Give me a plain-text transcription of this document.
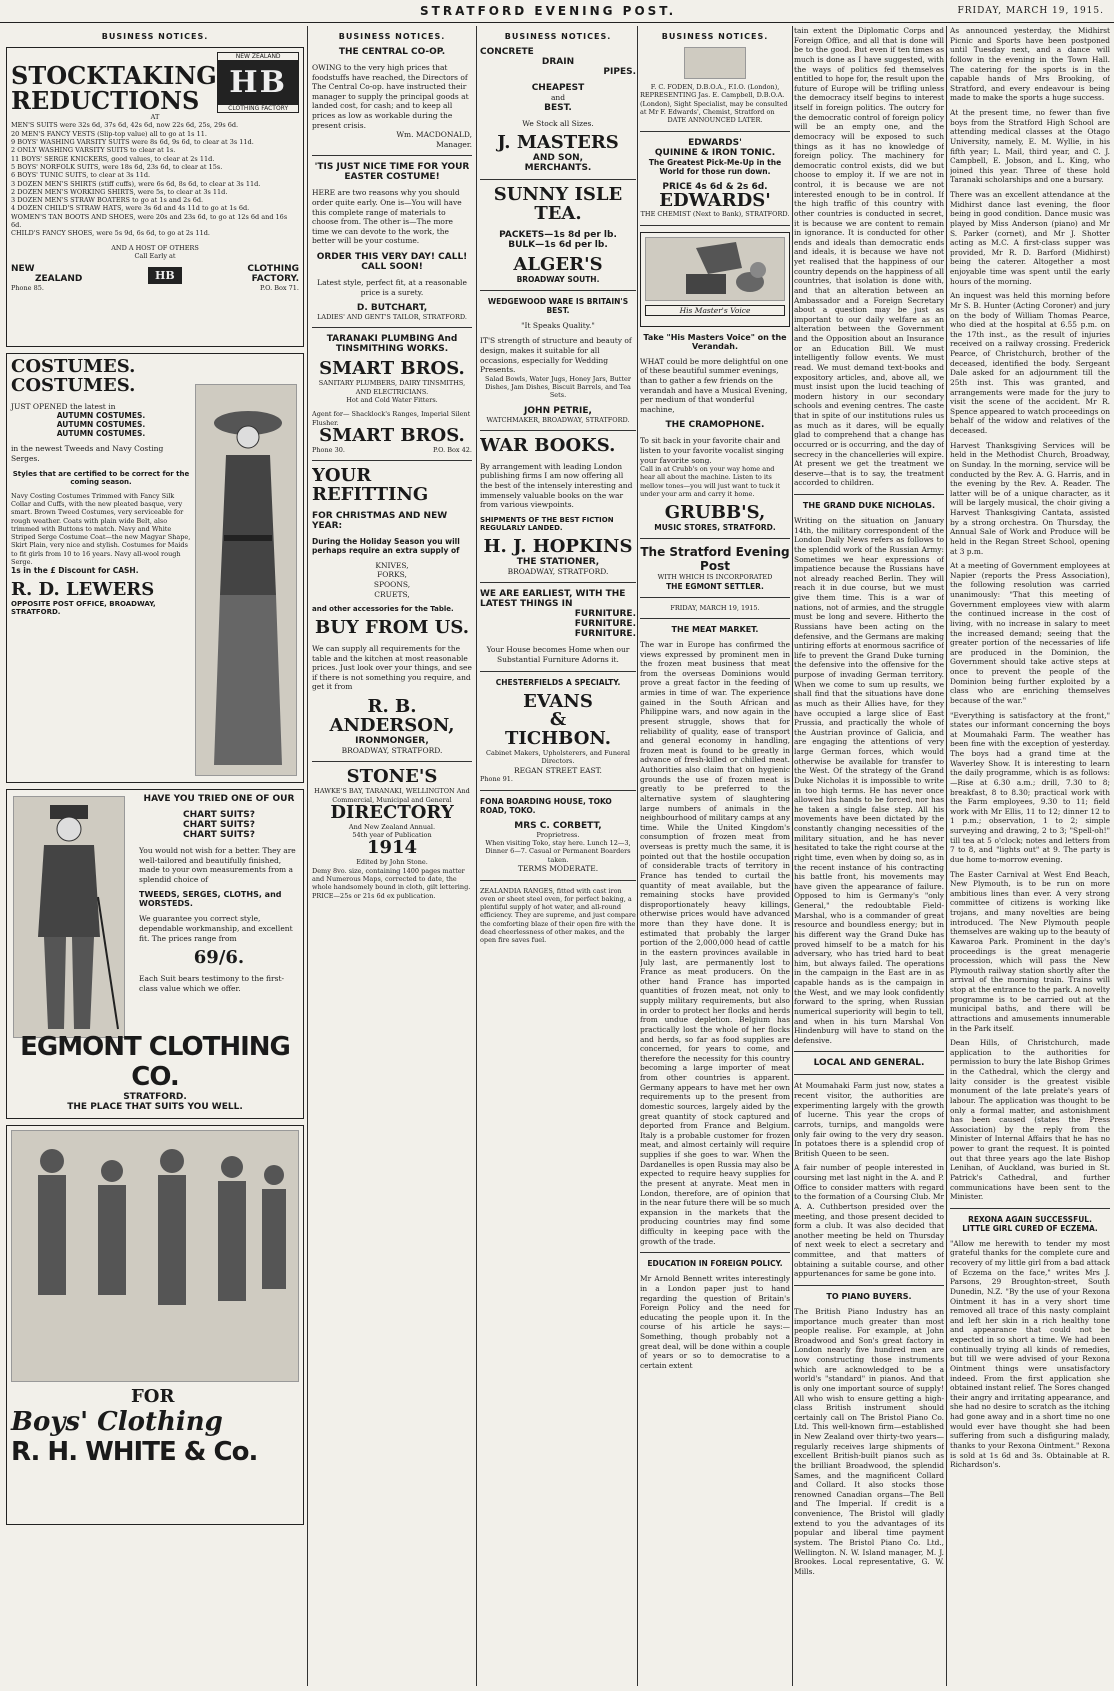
STRATFORD EVENING POST.	FRIDAY, MARCH 19, 1915.
BUSINESS NOTICES.
STOCKTAKING REDUCTIONS
NEW ZEALAND
HB
CLOTHING FACTORY
AT
MEN'S SUITS were 32s 6d, 37s 6d, 42s 6d, now 22s 6d, 25s, 29s 6d.
20 MEN'S FANCY VESTS (Slip-top value) all to go at 1s 11.
9 BOYS' WASHING VARSITY SUITS were 8s 6d, 9s 6d, to clear at 3s 11d.
2 ONLY WASHING VARSITY SUITS to clear at 1s.
11 BOYS' SERGE KNICKERS, good values, to clear at 2s 11d.
5 BOYS' NORFOLK SUITS, were 18s 6d, 23s 6d, to clear at 15s.
6 BOYS' TUNIC SUITS, to clear at 3s 11d.
3 DOZEN MEN'S SHIRTS (stiff cuffs), were 6s 6d, 8s 6d, to clear at 3s 11d.
2 DOZEN MEN'S WORKING SHIRTS, were 5s, to clear at 3s 11d.
3 DOZEN MEN'S STRAW BOATERS to go at 1s and 2s 6d.
4 DOZEN CHILD'S STRAW HATS, were 3s 6d and 4s 11d to go at 1s 6d.
WOMEN'S TAN BOOTS AND SHOES, were 20s and 23s 6d, to go at 12s 6d and 16s 6d.
CHILD'S FANCY SHOES, were 5s 9d, 6s 6d, to go at 2s 11d.
AND A HOST OF OTHERS
Call Early at
NEW
ZEALAND	HB	CLOTHING
FACTORY.
Phone 85.	P.O. Box 71.
COSTUMES. COSTUMES.
JUST OPENED the latest in
AUTUMN COSTUMES.
AUTUMN COSTUMES.
AUTUMN COSTUMES.
in the newest Tweeds and Navy Costing Serges.
Styles that are certified to be correct for the coming season.
Navy Costing Costumes Trimmed with Fancy Silk Collar and Cuffs, with the new pleated basque, very smart. Brown Tweed Costumes, very serviceable for rough weather. Coats with plain wide Belt, also trimmed with Buttons to match. Navy and White Striped Serge Costume Coat—the new Magyar Shape, Skirt Plain, very nice and stylish. Costumes for Maids to fit girls from 10 to 16 years. Navy all-wool rough Serge.
1s in the £ Discount for CASH.
R. D. LEWERS
OPPOSITE POST OFFICE, BROADWAY, STRATFORD.
HAVE YOU TRIED ONE OF OUR
CHART SUITS?
CHART SUITS?
CHART SUITS?
You would not wish for a better. They are well-tailored and beautifully finished, made to your own measurements from a splendid choice of
TWEEDS, SERGES, CLOTHS, and WORSTEDS.
We guarantee you correct style, dependable workmanship, and excellent fit. The prices range from
69/6.
Each Suit bears testimony to the first-class value which we offer.
EGMONT CLOTHING CO.
STRATFORD.
THE PLACE THAT SUITS YOU WELL.
FOR
Boys' Clothing
R. H. WHITE & Co.
BUSINESS NOTICES.
THE CENTRAL CO-OP.
OWING to the very high prices that foodstuffs have reached, the Directors of The Central Co-op. have instructed their manager to supply the principal goods at landed cost, for cash; and to keep all prices as low as workable during the present crisis.
Wm. MACDONALD,
Manager.
'TIS JUST NICE TIME FOR YOUR EASTER COSTUME!
HERE are two reasons why you should order quite early. One is—You will have this complete range of materials to choose from. The other is—The more time we can devote to the work, the better will be your costume.
ORDER THIS VERY DAY! CALL! CALL SOON!
Latest style, perfect fit, at a reasonable price is a surety.
D. BUTCHART,
LADIES' AND GENT'S TAILOR, STRATFORD.
TARANAKI PLUMBING And TINSMITHING WORKS.
SMART BROS.
SANITARY PLUMBERS, DAIRY TINSMITHS, AND ELECTRICIANS.
Hot and Cold Water Fitters.
Agent for— Shacklock's Ranges, Imperial Silent Flusher.
SMART BROS.
Phone 30.	P.O. Box 42.
YOUR REFITTING
FOR CHRISTMAS AND NEW YEAR:
During the Holiday Season you will perhaps require an extra supply of
KNIVES,
FORKS,
SPOONS,
CRUETS,
and other accessories for the Table.
BUY FROM US.
We can supply all requirements for the table and the kitchen at most reasonable prices. Just look over your things, and see if there is not something you require, and get it from
R. B. ANDERSON,
IRONMONGER,
BROADWAY, STRATFORD.
STONE'S
HAWKE'S BAY, TARANAKI, WELLINGTON And Commercial, Municipal and General
DIRECTORY
And New Zealand Annual.
54th year of Publication
1914
Edited by John Stone.
Demy 8vo. size, containing 1400 pages matter and Numerous Maps, corrected to date, the whole handsomely bound in cloth, gilt lettering.
PRICE—25s or 21s 6d ex publication.
BUSINESS NOTICES.
CONCRETE
DRAIN
PIPES.
CHEAPEST
and
BEST.
We Stock all Sizes.
J. MASTERS
AND SON,
MERCHANTS.
SUNNY ISLE TEA.
PACKETS—1s 8d per lb.
BULK—1s 6d per lb.
ALGER'S
BROADWAY SOUTH.
WEDGEWOOD WARE IS BRITAIN'S BEST.
"It Speaks Quality."
IT'S strength of structure and beauty of design, makes it suitable for all occasions, especially for Wedding Presents.
Salad Bowls, Water Jugs, Honey Jars, Butter Dishes, Jam Dishes, Biscuit Barrels, and Tea Sets.
JOHN PETRIE,
WATCHMAKER, BROADWAY, STRATFORD.
WAR BOOKS.
By arrangement with leading London publishing firms I am now offering all the best of the intensely interesting and immensely valuable books on the war from various viewpoints.
SHIPMENTS OF THE BEST FICTION REGULARLY LANDED.
H. J. HOPKINS
THE STATIONER,
BROADWAY, STRATFORD.
WE ARE EARLIEST, WITH THE LATEST THINGS IN
FURNITURE.
FURNITURE.
FURNITURE.
Your House becomes Home when our Substantial Furniture Adorns it.
CHESTERFIELDS A SPECIALTY.
EVANS
&
TICHBON.
Cabinet Makers, Upholsterers, and Funeral Directors.
REGAN STREET EAST.
Phone 91.
FONA BOARDING HOUSE, TOKO ROAD, TOKO.
MRS C. CORBETT,
Proprietress.
When visiting Toko, stay here. Lunch 12—3, Dinner 6—7. Casual or Permanent Boarders taken.
TERMS MODERATE.
ZEALANDIA RANGES, fitted with cast iron oven or sheet steel oven, for perfect baking, a plentiful supply of hot water, and all-round efficiency. They are supreme, and just compare the comforting blaze of their open fire with the dead cheerlessness of other makes, and the open fire saves fuel.
BUSINESS NOTICES.
F. C. FODEN, D.B.O.A., F.I.O. (London),
REPRESENTING Jas. E. Campbell, D.B.O.A. (London), Sight Specialist, may be consulted at Mr F. Edwards', Chemist, Stratford on
DATE ANNOUNCED LATER.
EDWARDS'
QUININE & IRON TONIC.
The Greatest Pick-Me-Up in the World for those run down.
PRICE 4s 6d & 2s 6d.
EDWARDS'
THE CHEMIST (Next to Bank), STRATFORD.
His Master's Voice
Take "His Masters Voice" on the Verandah.
WHAT could be more delightful on one of these beautiful summer evenings, than to gather a few friends on the verandah and have a Musical Evening, per medium of that wonderful machine,
THE CRAMOPHONE.
To sit back in your favorite chair and listen to your favorite vocalist singing your favorite song.
Call in at Crubb's on your way home and hear all about the machine. Listen to its mellow tones—you will just want to tuck it under your arm and carry it home.
GRUBB'S,
MUSIC STORES, STRATFORD.
The Stratford Evening Post
WITH WHICH IS INCORPORATED
THE EGMONT SETTLER.
FRIDAY, MARCH 19, 1915.
THE MEAT MARKET.
The war in Europe has confirmed the views expressed by prominent men in the frozen meat business that meat from the overseas Dominions would prove a great factor in the feeding of armies in time of war. The experience gained in the South African and Philippine wars, and now again in the present struggle, shows that for reliability of quality, ease of transport and general economy in handling, frozen meat is found to be greatly in advance of fresh-killed or chilled meat. Authorities also claim that on hygienic grounds the use of frozen meat is greatly to be preferred to the alternative system of slaughtering large numbers of animals in the neighbourhood of military camps at any time. While the United Kingdom's consumption of frozen meat from overseas is pretty much the same, it is pointed out that the hostile occupation of considerable tracts of territory in France has tended to curtail the quantity of meat available, but the remaining stocks have provided disproportionately heavy killings, otherwise prices would have advanced more than they have done. It is estimated that probably the larger portion of the 2,000,000 head of cattle in the eastern provinces available in July last, are permanently lost to France as meat producers. On the other hand France has imported quantities of frozen meat, not only to supply military requirements, but also in order to protect her flocks and herds from undue depletion. Belgium has practically lost the whole of her flocks and herds, so far as food supplies are concerned, for years to come, and therefore the necessity for this country becoming a large importer of meat from other countries is apparent. Germany appears to have met her own requirements up to the present from domestic sources, largely aided by the great quantity of stock captured and deported from France and Belgium. Italy is a probable customer for frozen meat, and almost certainly will require supplies if she goes to war. When the Dardanelles is open Russia may also be expected to require heavy supplies for the present at anyrate. Meat men in London, therefore, are of opinion that in the near future there will be so much expansion in the markets that the producing countries may find some difficulty in keeping pace with the growth of the trade.
EDUCATION IN FOREIGN POLICY.
Mr Arnold Bennett writes interestingly in a London paper just to hand regarding the question of Britain's Foreign Policy and the need for educating the people upon it. In the course of his article he says:—Something, though probably not a great deal, will be done within a couple of years or so to democratise to a certain extent
tain extent the Diplomatic Corps and Foreign Office, and all that is done will be to the good. But even if ten times as much is done as I have suggested, with the ways of politics fed themselves entitled to hope for, the result upon the future of Europe will be trifling unless the democracy itself begins to interest itself in foreign politics. The outcry for the democratic control of foreign policy will be an empty one, and the democracy will be exposed to such things as it has no knowledge of foreign policy. The machinery for democratic control exists, did we but choose to employ it. If we are not in control, it is because we are not interested enough to be in control. If the high traffic of this country with other countries is conducted in secret, it is because we are content to remain in ignorance. It is conducted for other ends and ideals than democratic ends and ideals, it is because we have not yet realised that the happiness of our country depends on the happiness of all countries, that isolation is done with, and that an alteration between an Ambassador and a Foreign Secretary about a question may be just as important to our daily welfare as an alteration between the Government and the Opposition about an Insurance or an Education Bill. We must intelligently follow events. We must read. We must demand text-books and expository articles, and, above all, we must insist upon the lucid teaching of modern history in our secondary schools and evening centres. The caste that in spite of our institutions rules us as much as it dares, will be equally glad to comprehend that a change has occurred or is occurring, and the day of secrecy in the chancelleries will expire. At present we get the treatment we deserve—that is to say, the treatment accorded to children.
THE GRAND DUKE NICHOLAS.
Writing on the situation on January 14th, the military correspondent of the London Daily News refers as follows to the splendid work of the Russian Army: Sometimes we hear expressions of impatience because the Russians have not already reached Berlin. They will reach it in due course, but we must give them time. This is a war of nations, not of armies, and the struggle must be long and severe. Hitherto the Russians have been acting on the defensive, and the Germans are making untiring efforts at enormous sacrifice of life to prevent the Grand Duke turning the defensive into the offensive for the purpose of invading German territory. When we come to sum up results, we shall find that the situations have done as much as their Allies have, for they have occupied a large slice of East Prussia, and practically the whole of the Austrian province of Galicia, and are engaging the attentions of very large German forces, which would otherwise be available for transfer to the West. Of the strategy of the Grand Duke Nicholas it is impossible to write in too high terms. He has never once allowed his hands to be forced, nor has he taken a single false step. All his movements have been dictated by the constantly changing necessities of the military situation, and he has never hesitated to take the right course at the right time, even when by doing so, as in the recent instance of his contracting his battle front, his movements may have given the appearance of failure. Opposed to him is Germany's "only General," the redoubtable Field-Marshal, who is a commander of great resource and boundless energy; but in his different way the Grand Duke has proved himself to be a match for his adversary, who has tried hard to beat him, but always failed. The operations in the campaign in the East are in as capable hands as is the campaign in the West, and we may look confidently forward to the spring, when Russian numerical superiority will begin to tell, and when in his turn Marshal Von Hindenburg will have to stand on the defensive.
LOCAL AND GENERAL.
At Moumahaki Farm just now, states a recent visitor, the authorities are experimenting largely with the growth of lucerne. This year the crops of carrots, turnips, and mangolds were only fair owing to the very dry season. In potatoes there is a splendid crop of British Queen to be seen.
A fair number of people interested in coursing met last night in the A. and P. Office to consider matters with regard to the formation of a Coursing Club. Mr A. A. Cuthbertson presided over the meeting, and those present decided to form a club. It was also decided that another meeting be held on Thursday of next week to elect a secretary and committee, and that matters of obtaining a suitable course, and other appurtenances for same be gone into.
TO PIANO BUYERS.
The British Piano Industry has an importance much greater than most people realise. For example, at John Broadwood and Son's great factory in London nearly five hundred men are now constructing those instruments which are acknowledged to be a world's "standard" in pianos. And that is only one important source of supply! All who wish to ensure getting a high-class British instrument should certainly call on The Bristol Piano Co. Ltd. This well-known firm—established in New Zealand over thirty-two years—regularly receives large shipments of excellent British-built pianos such as the brilliant Broadwood, the splendid Sames, and the magnificent Collard and Collard. It also stocks those renowned Canadian organs—The Bell and The Imperial. If credit is a convenience, The Bristol will gladly extend to you the advantages of its popular and liberal time payment system. The Bristol Piano Co. Ltd., Wellington. N. W. Island manager, M. J. Brookes. Local representative, G. W. Mills.
As announced yesterday, the Midhirst Picnic and Sports have been postponed until Tuesday next, and a dance will follow in the evening in the Town Hall. The catering for the sports is in the capable hands of Mrs Brooking, of Stratford, and every endeavour is being made to make the sports a huge success.
At the present time, no fewer than five boys from the Stratford High School are attending medical classes at the Otago University, namely, E. M. Wyllie, in his fifth year; L. Mail, third year, and C. J. Campbell, E. Jobson, and L. King, who joined this year. Three of these hold Taranaki scholarships and one a bursary.
There was an excellent attendance at the Midhirst dance last evening, the floor being in good condition. Dance music was played by Miss Anderson (piano) and Mr S. Parker (cornet), and Mr J. Shotter acting as M.C. A first-class supper was provided, Mr R. D. Barford (Midhirst) being the caterer. Altogether a most enjoyable time was spent until the early hours of the morning.
An inquest was held this morning before Mr S. B. Hunter (Acting Coroner) and jury on the body of William Thomas Pearce, who died at the hospital at 6.55 p.m. on the 17th inst., as the result of injuries received on a railway crossing. Frederick Pearce, of Christchurch, brother of the deceased, identified the body. Sergeant Dale asked for an adjournment till the 25th inst. This was granted, and arrangements were made for the jury to visit the scene of the accident. Mr R. Spence appeared to watch proceedings on behalf of the widow and relatives of the deceased.
Harvest Thanksgiving Services will be held in the Methodist Church, Broadway, on Sunday. In the morning, service will be conducted by the Rev. A. G. Harris, and in the evening by the Rev. A. Reader. The latter will be of a unique character, as it will be largely musical, the choir giving a Harvest Thanksgiving Cantata, assisted by a strong orchestra. On Thursday, the Annual Sale of Work and Produce will be held in the Regan Street School, opening at 3 p.m.
At a meeting of Government employees at Napier (reports the Press Association), the following resolution was carried unanimously: "That this meeting of Government employees view with alarm the continued increase in the cost of living, with no increase in salary to meet the increased demand; seeing that the greater portion of the necessaries of life are produced in the Dominion, the Government should take active steps at once to prevent the people of the Dominion being further exploited by a class who are enriching themselves because of the war."
"Everything is satisfactory at the front," states our informant concerning the boys at Moumahaki Farm. The weather has been fine with the exception of yesterday. The boys had a grand time at the Waverley Show. It is interesting to learn the daily programme, which is as follows:—Rise at 6.30 a.m.; drill, 7.30 to 8; breakfast, 8 to 8.30; practical work with the Farm employees, 9.30 to 11; field work with Mr Ellis, 11 to 12; dinner 12 to 1 p.m.; observation, 1 to 2; simple surveying and drawing, 2 to 3; "Spell-oh!" till tea at 5 o'clock; notes and letters from 7 to 8, and "lights out" at 9. The party is due home to-morrow evening.
The Easter Carnival at West End Beach, New Plymouth, is to be run on more ambitious lines than ever. A very strong committee of citizens is working like trojans, and many novelties are being introduced. The New Plymouth people themselves are waking up to the beauty of Kawaroa Park. Prominent in the day's proceedings is the great menagerie procession, which will pass the New Plymouth railway station shortly after the arrival of the morning train. Trains will stop at the entrance to the park. A novelty programme is to be carried out at the municipal baths, and there will be attractions and amusements innumerable in the Park itself.
Dean Hills, of Christchurch, made application to the authorities for permission to bury the late Bishop Grimes in the Cathedral, which the clergy and laity consider is the greatest visible monument of the late prelate's years of labour. The application was thought to be only a formal matter, and astonishment has been caused (states the Press Association) by the reply from the Minister of Internal Affairs that he has no power to grant the request. It is pointed out that three years ago the late Bishop Lenihan, of Auckland, was buried in St. Patrick's Cathedral, and further communications have been sent to the Minister.
REXONA AGAIN SUCCESSFUL.
LITTLE GIRL CURED OF ECZEMA.
"Allow me herewith to tender my most grateful thanks for the complete cure and recovery of my little girl from a bad attack of Eczema on the face," writes Mrs J. Parsons, 29 Broughton-street, South Dunedin, N.Z. "By the use of your Rexona Ointment it has in a very short time removed all trace of this nasty complaint and left her skin in a rich healthy tone and appearance that could not be expected in so short a time. We had been continually trying all kinds of remedies, but till we were advised of your Rexona Ointment things were unsatisfactory indeed. From the first application she obtained instant relief. The Sores changed their angry and irritating appearance, and she had no desire to scratch as the itching had gone away and in a short time no one would ever have thought she had been suffering from such a disfiguring malady, thanks to your Rexona Ointment." Rexona is sold at 1s 6d and 3s. Obtainable at R. Richardson's.
